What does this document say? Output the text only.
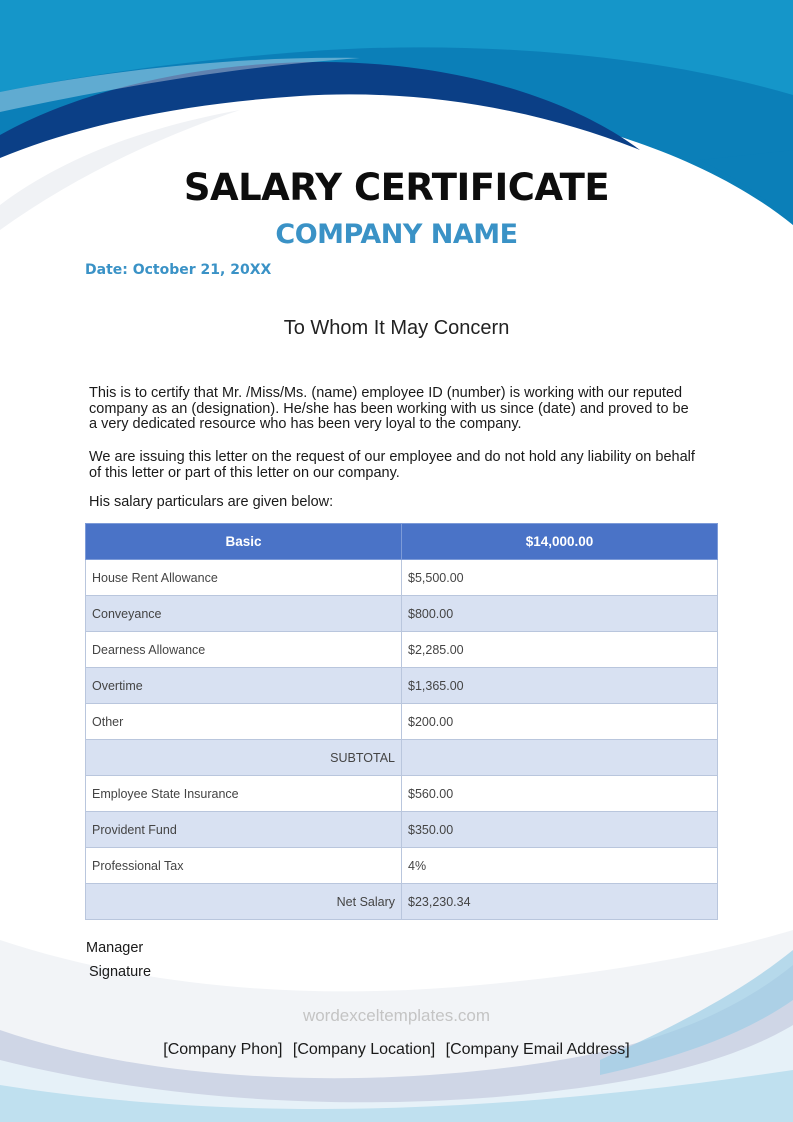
SALARY CERTIFICATE
COMPANY NAME
Date: October 21, 20XX
To Whom It May Concern
This is to certify that Mr. /Miss/Ms. (name) employee ID (number) is working with our reputed company as an (designation). He/she has been working with us since (date) and proved to be a very dedicated resource who has been very loyal to the company.
We are issuing this letter on the request of our employee and do not hold any liability on behalf of this letter or part of this letter on our company.
His salary particulars are given below:
Basic	$14,000.00
House Rent Allowance	$5,500.00
Conveyance	$800.00
Dearness Allowance	$2,285.00
Overtime	$1,365.00
Other	$200.00
SUBTOTAL	
Employee State Insurance	$560.00
Provident Fund	$350.00
Professional Tax	4%
Net Salary	$23,230.34
Manager
Signature
wordexceltemplates.com
[Company Phon] [Company Location] [Company Email Address]
